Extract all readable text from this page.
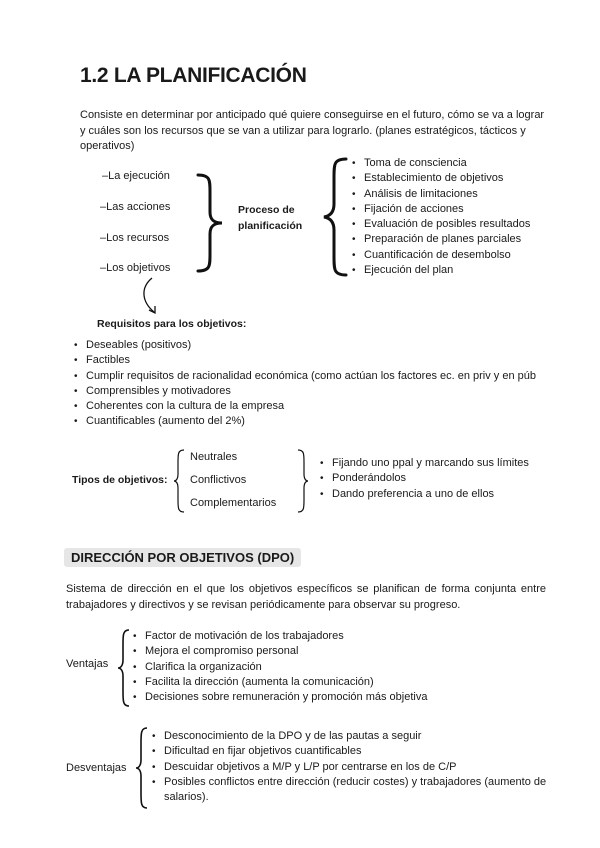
1.2 LA PLANIFICACIÓN
Consiste en determinar por anticipado qué quiere conseguirse en el futuro, cómo se va a lograr y cuáles son los recursos que se van a utilizar para lograrlo. (planes estratégicos, tácticos y operativos)
–La ejecución
–Las acciones
–Los recursos
–Los objetivos
Proceso de
planificación
• Toma de consciencia
• Establecimiento de objetivos
• Análisis de limitaciones
• Fijación de acciones
• Evaluación de posibles resultados
• Preparación de planes parciales
• Cuantificación de desembolso
• Ejecución del plan
Requisitos para los objetivos:
• Deseables (positivos)
• Factibles
• Cumplir requisitos de racionalidad económica (como actúan los factores ec. en priv y en púb
• Comprensibles y motivadores
• Coherentes con la cultura de la empresa
• Cuantificables (aumento del 2%)
Tipos de objetivos:
Neutrales
Conflictivos
Complementarios
• Fijando uno ppal y marcando sus límites
• Ponderándolos
• Dando preferencia a uno de ellos
DIRECCIÓN POR OBJETIVOS (DPO)
Sistema de dirección en el que los objetivos específicos se planifican de forma conjunta entre trabajadores y directivos y se revisan periódicamente para observar su progreso.
Ventajas
• Factor de motivación de los trabajadores
• Mejora el compromiso personal
• Clarifica la organización
• Facilita la dirección (aumenta la comunicación)
• Decisiones sobre remuneración y promoción más objetiva
Desventajas
• Desconocimiento de la DPO y de las pautas a seguir
• Dificultad en fijar objetivos cuantificables
• Descuidar objetivos a M/P y L/P por centrarse en los de C/P
• Posibles conflictos entre dirección (reducir costes) y trabajadores (aumento de salarios).
